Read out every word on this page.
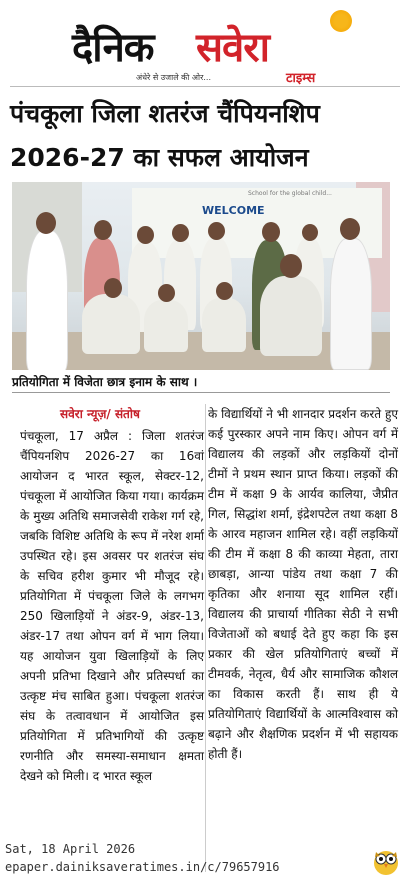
दैनिक सवेरा
अंधेरे से उजाले की ओर...	टाइम्स
पंचकूला जिला शतरंज चैंपियनशिप 2026-27 का सफल आयोजन
School for the global child...
WELCOME
प्रतियोगिता में विजेता छात्र इनाम के साथ ।
सवेरा न्यूज़/ संतोष
पंचकूला, 17 अप्रैल : जिला शतरंज चैंपियनशिप 2026-27 का 16वां आयोजन द भारत स्कूल, सेक्टर-12, पंचकूला में आयोजित किया गया। कार्यक्रम के मुख्य अतिथि समाजसेवी राकेश गर्ग रहे, जबकि विशिष्ट अतिथि के रूप में नरेश शर्मा उपस्थित रहे। इस अवसर पर शतरंज संघ के सचिव हरीश कुमार भी मौजूद रहे। प्रतियोगिता में पंचकूला जिले के लगभग 250 खिलाड़ियों ने अंडर-9, अंडर-13, अंडर-17 तथा ओपन वर्ग में भाग लिया। यह आयोजन युवा खिलाड़ियों के लिए अपनी प्रतिभा दिखाने और प्रतिस्पर्धा का उत्कृष्ट मंच साबित हुआ। पंचकूला शतरंज संघ के तत्वावधान में आयोजित इस प्रतियोगिता में प्रतिभागियों की उत्कृष्ट रणनीति और समस्या-समाधान क्षमता देखने को मिली। द भारत स्कूल
के विद्यार्थियों ने भी शानदार प्रदर्शन करते हुए कई पुरस्कार अपने नाम किए। ओपन वर्ग में विद्यालय की लड़कों और लड़कियों दोनों टीमों ने प्रथम स्थान प्राप्त किया। लड़कों की टीम में कक्षा 9 के आर्यव कालिया, जैप्रीत गिल, सिद्धांश शर्मा, इंद्रेशपटेल तथा कक्षा 8 के आरव महाजन शामिल रहे। वहीं लड़कियों की टीम में कक्षा 8 की काव्या मेहता, तारा छाबड़ा, आन्या पांडेय तथा कक्षा 7 की कृतिका और शनाया सूद शामिल रहीं। विद्यालय की प्राचार्या गीतिका सेठी ने सभी विजेताओं को बधाई देते हुए कहा कि इस प्रकार की खेल प्रतियोगिताएं बच्चों में टीमवर्क, नेतृत्व, धैर्य और सामाजिक कौशल का विकास करती हैं। साथ ही ये प्रतियोगिताएं विद्यार्थियों के आत्मविश्वास को बढ़ाने और शैक्षणिक प्रदर्शन में भी सहायक होती हैं।
Sat, 18 April 2026
epaper.dainiksaveratimes.in/c/79657916
